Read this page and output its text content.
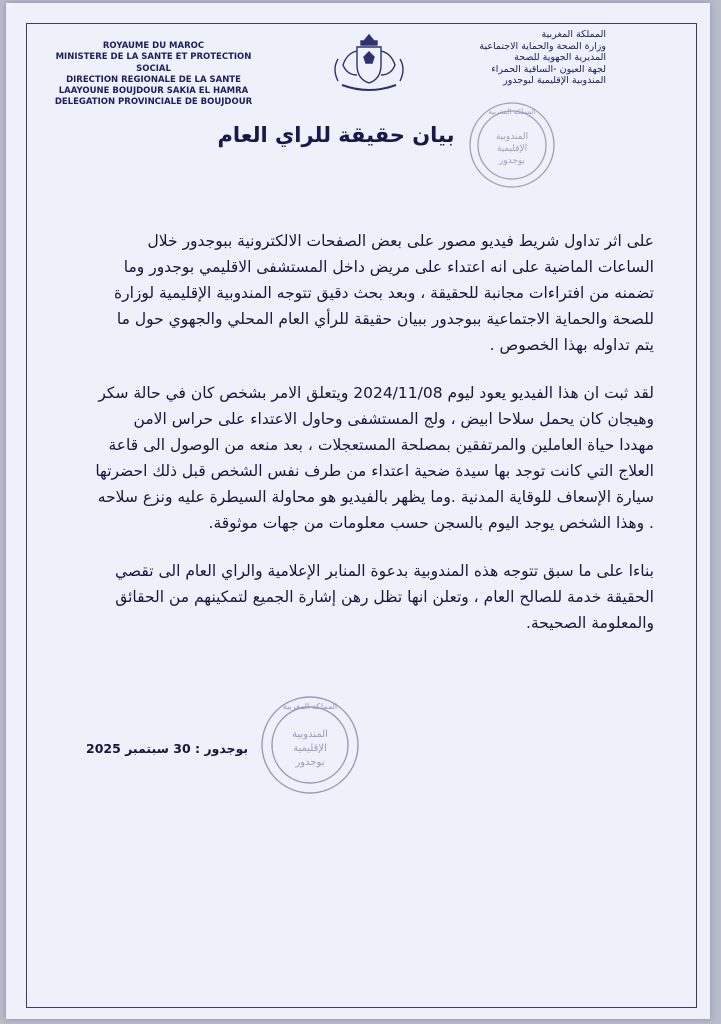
ROYAUME DU MAROC
MINISTERE DE LA SANTE ET PROTECTION SOCIAL
DIRECTION REGIONALE DE LA SANTE
LAAYOUNE BOUJDOUR SAKIA EL HAMRA
DELEGATION PROVINCIALE DE BOUJDOUR
المملكة المغربية
وزارة الصحة والحماية الاجتماعية
المديرية الجهوية للصحة
لجهة العيون -الساقية الحمراء
المندوبية الإقليمية لبوجدور
بيان حقيقة للراي العام
المملكة المغربية
المندوبية
الإقليمية
بوجدور

على اثر تداول شريط فيديو مصور على بعض الصفحات الالكترونية ببوجدور خلال الساعات الماضية على انه اعتداء على مريض داخل المستشفى الاقليمي بوجدور وما تضمنه من افتراءات مجانبة للحقيقة ، وبعد بحث دقيق تتوجه المندوبية الإقليمية لوزارة للصحة والحماية الاجتماعية ببوجدور ببيان حقيقة للرأي العام المحلي والجهوي حول ما يتم تداوله بهذا الخصوص .

لقد ثبت ان هذا الفيديو يعود ليوم 2024/11/08 ويتعلق الامر بشخص كان في حالة سكر وهيجان كان يحمل سلاحا ابيض ، ولج المستشفى وحاول الاعتداء على حراس الامن مهددا حياة العاملين والمرتفقين بمصلحة المستعجلات ، بعد منعه من الوصول الى قاعة العلاج التي كانت توجد بها سيدة ضحية اعتداء من طرف نفس الشخص قبل ذلك احضرتها سيارة الإسعاف للوقاية المدنية .وما يظهر بالفيديو هو محاولة السيطرة عليه ونزع سلاحه . وهذا الشخص يوجد اليوم بالسجن حسب معلومات من جهات موثوقة.

بناءا على ما سبق تتوجه هذه المندوبية بدعوة المنابر الإعلامية والراي العام الى تقصي الحقيقة خدمة للصالح العام ، وتعلن انها تظل رهن إشارة الجميع لتمكينهم من الحقائق والمعلومة الصحيحة.

المملكة المغربية
المندوبية
الإقليمية
بوجدور
بوجدور : 30 سبتمبر 2025
